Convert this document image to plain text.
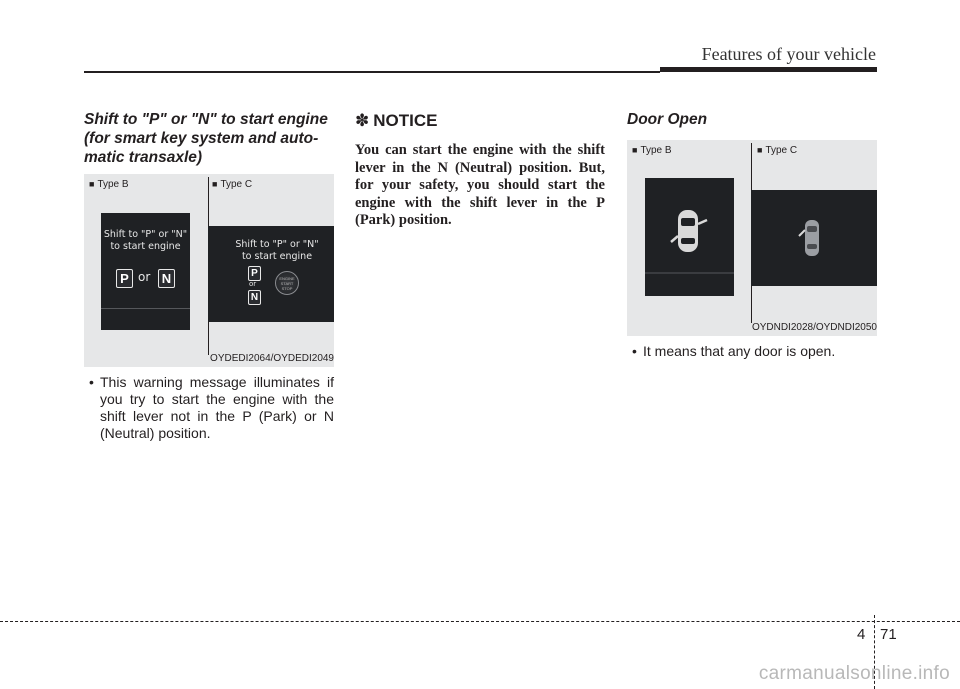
Features of your vehicle

Shift to "P" or "N" to start engine
(for smart key system and auto-
matic transaxle)

■ Type B	■ Type C
Shift to "P" or "N"
to start engine
P or N
Shift to "P" or "N"
to start engine
P
or
N
ENGINE
START
STOP
OYDEDI2064/OYDEDI2049

• This warning message illuminates if you try to start the engine with the shift lever not in the P (Park) or N (Neutral) position.

✽ NOTICE

You can start the engine with the shift lever in the N (Neutral) position. But, for your safety, you should start the engine with the shift lever in the P (Park) position.

Door Open

■ Type B	■ Type C
OYDNDI2028/OYDNDI2050

• It means that any door is open.

4 71
carmanualsonline.info
